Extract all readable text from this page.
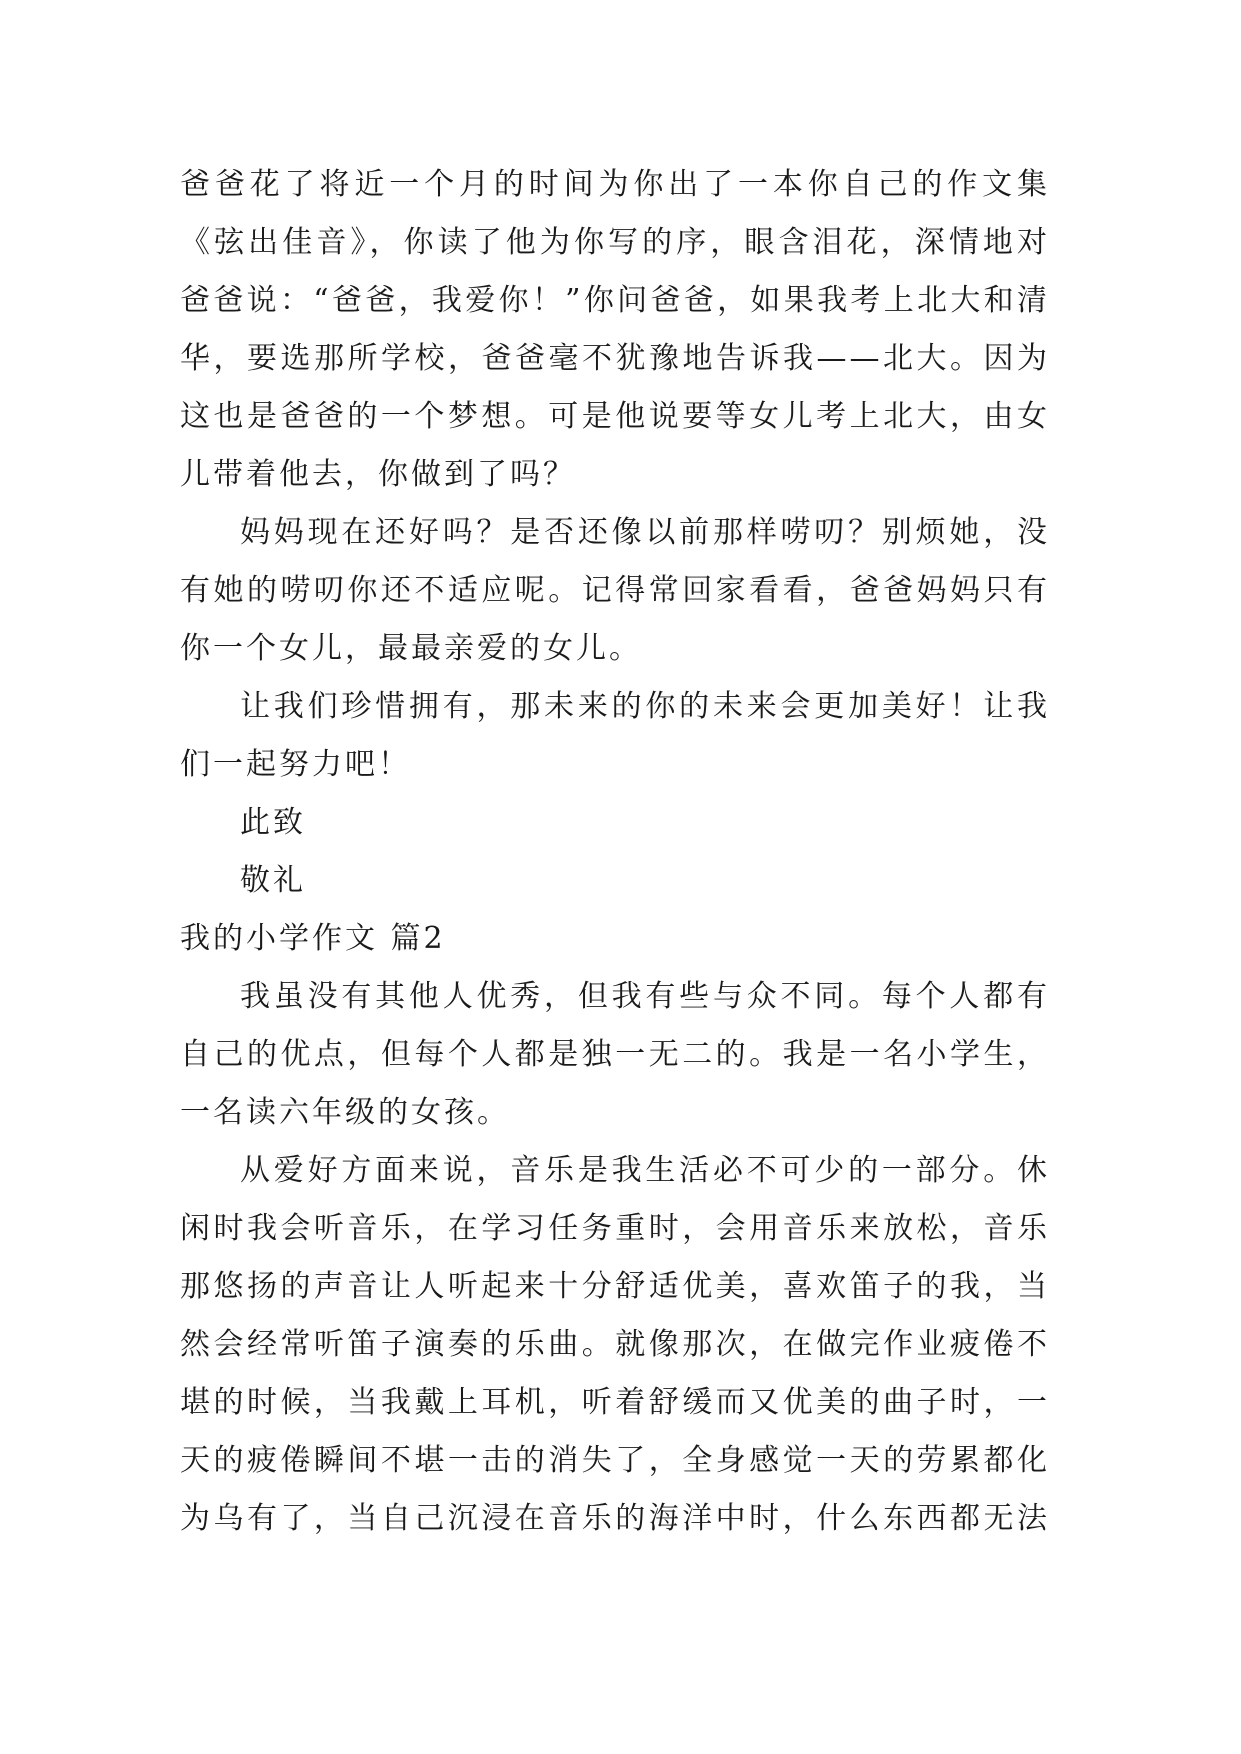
爸爸花了将近一个月的时间为你出了一本你自己的作文集
《弦出佳音》，你读了他为你写的序，眼含泪花，深情地对
爸爸说：“爸爸，我爱你！”你问爸爸，如果我考上北大和清
华，要选那所学校，爸爸毫不犹豫地告诉我——北大。因为
这也是爸爸的一个梦想。可是他说要等女儿考上北大，由女
儿带着他去，你做到了吗？
妈妈现在还好吗？是否还像以前那样唠叨？别烦她，没
有她的唠叨你还不适应呢。记得常回家看看，爸爸妈妈只有
你一个女儿，最最亲爱的女儿。
让我们珍惜拥有，那未来的你的未来会更加美好！让我
们一起努力吧！
此致
敬礼
我的小学作文 篇2
我虽没有其他人优秀，但我有些与众不同。每个人都有
自己的优点，但每个人都是独一无二的。我是一名小学生，
一名读六年级的女孩。
从爱好方面来说，音乐是我生活必不可少的一部分。休
闲时我会听音乐，在学习任务重时，会用音乐来放松，音乐
那悠扬的声音让人听起来十分舒适优美，喜欢笛子的我，当
然会经常听笛子演奏的乐曲。就像那次，在做完作业疲倦不
堪的时候，当我戴上耳机，听着舒缓而又优美的曲子时，一
天的疲倦瞬间不堪一击的消失了，全身感觉一天的劳累都化
为乌有了，当自己沉浸在音乐的海洋中时，什么东西都无法
